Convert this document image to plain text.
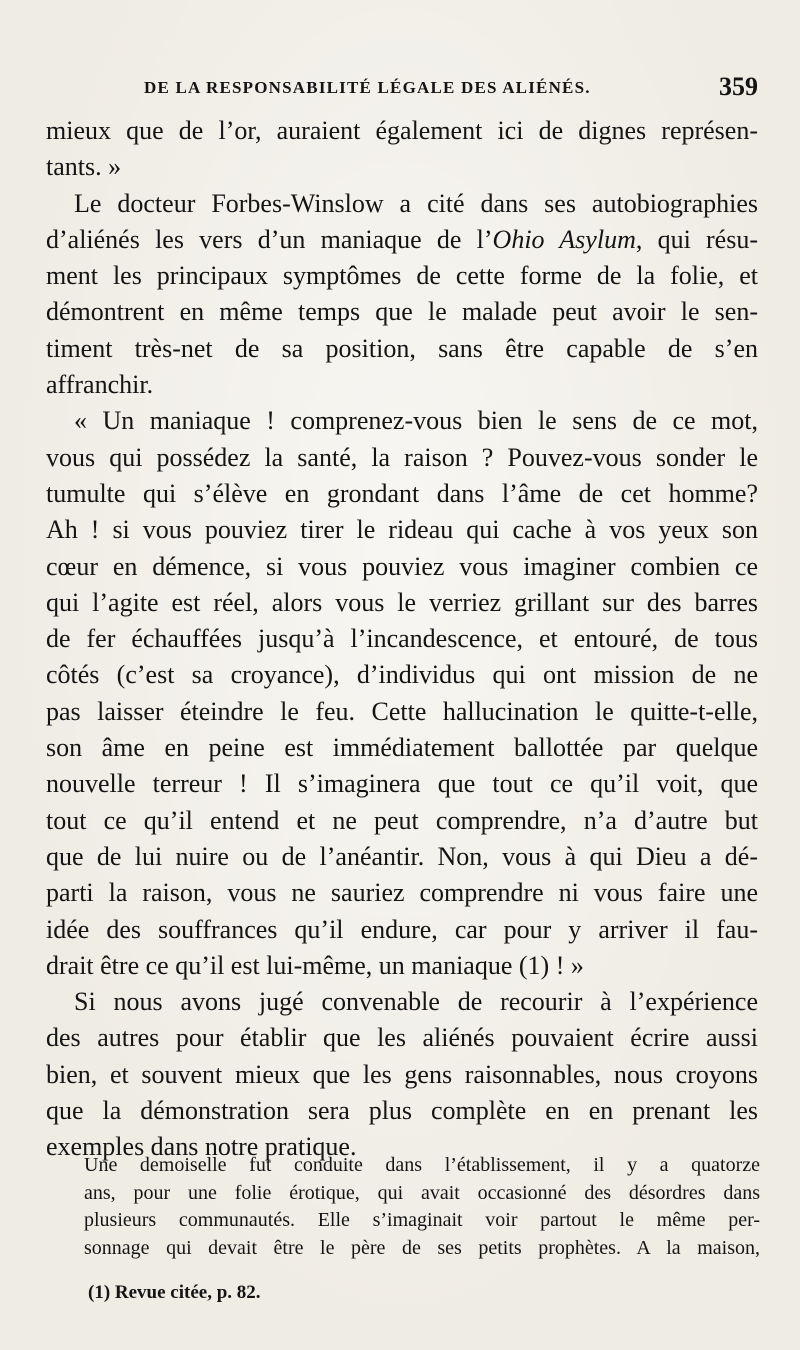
DE LA RESPONSABILITÉ LÉGALE DES ALIÉNÉS.	359
mieux que de l’or, auraient également ici de dignes représen-
tants. »
Le docteur Forbes-Winslow a cité dans ses autobiographies
d’aliénés les vers d’un maniaque de l’Ohio Asylum, qui résu-
ment les principaux symptômes de cette forme de la folie, et
démontrent en même temps que le malade peut avoir le sen-
timent très-net de sa position, sans être capable de s’en
affranchir.
« Un maniaque ! comprenez-vous bien le sens de ce mot,
vous qui possédez la santé, la raison ? Pouvez-vous sonder le
tumulte qui s’élève en grondant dans l’âme de cet homme?
Ah ! si vous pouviez tirer le rideau qui cache à vos yeux son
cœur en démence, si vous pouviez vous imaginer combien ce
qui l’agite est réel, alors vous le verriez grillant sur des barres
de fer échauffées jusqu’à l’incandescence, et entouré, de tous
côtés (c’est sa croyance), d’individus qui ont mission de ne
pas laisser éteindre le feu. Cette hallucination le quitte-t-elle,
son âme en peine est immédiatement ballottée par quelque
nouvelle terreur ! Il s’imaginera que tout ce qu’il voit, que
tout ce qu’il entend et ne peut comprendre, n’a d’autre but
que de lui nuire ou de l’anéantir. Non, vous à qui Dieu a dé-
parti la raison, vous ne sauriez comprendre ni vous faire une
idée des souffrances qu’il endure, car pour y arriver il fau-
drait être ce qu’il est lui-même, un maniaque (1) ! »
Si nous avons jugé convenable de recourir à l’expérience
des autres pour établir que les aliénés pouvaient écrire aussi
bien, et souvent mieux que les gens raisonnables, nous croyons
que la démonstration sera plus complète en en prenant les
exemples dans notre pratique.
Une demoiselle fut conduite dans l’établissement, il y a quatorze
ans, pour une folie érotique, qui avait occasionné des désordres dans
plusieurs communautés. Elle s’imaginait voir partout le même per-
sonnage qui devait être le père de ses petits prophètes. A la maison,
(1) Revue citée, p. 82.
